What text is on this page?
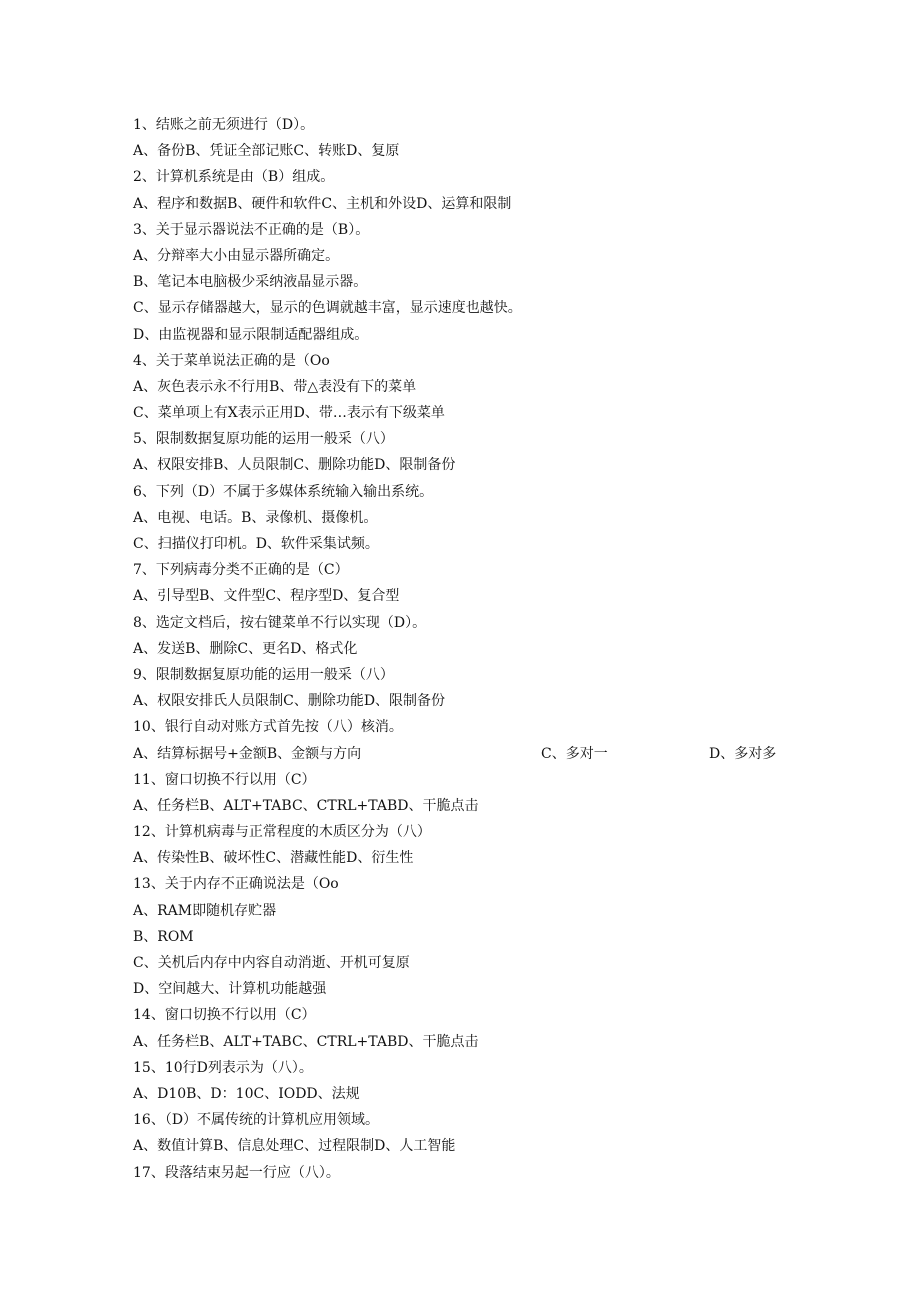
1、结账之前无须进行（D）。
A、备份B、凭证全部记账C、转账D、复原
2、计算机系统是由（B）组成。
A、程序和数据B、硬件和软件C、主机和外设D、运算和限制
3、关于显示器说法不正确的是（B）。
A、分辩率大小由显示器所确定。
B、笔记本电脑极少采纳液晶显示器。
C、显示存储器越大，显示的色调就越丰富，显示速度也越快。
D、由监视器和显示限制适配器组成。
4、关于菜单说法正确的是（Oo
A、灰色表示永不行用B、带△表没有下的菜单
C、菜单项上有X表示正用D、带…表示有下级菜单
5、限制数据复原功能的运用一般采（八）
A、权限安排B、人员限制C、删除功能D、限制备份
6、下列（D）不属于多媒体系统输入输出系统。
A、电视、电话。B、录像机、摄像机。
C、扫描仪打印机。D、软件采集试频。
7、下列病毒分类不正确的是（C）
A、引导型B、文件型C、程序型D、复合型
8、选定文档后，按右键菜单不行以实现（D）。
A、发送B、删除C、更名D、格式化
9、限制数据复原功能的运用一般采（八）
A、权限安排氏人员限制C、删除功能D、限制备份
10、银行自动对账方式首先按（八）核消。
A、结算标据号+金额B、金额与方向	C、多对一	D、多对多
11、窗口切换不行以用（C）
A、任务栏B、ALT+TABC、CTRL+TABD、干脆点击
12、计算机病毒与正常程度的木质区分为（八）
A、传染性B、破坏性C、潜藏性能D、衍生性
13、关于内存不正确说法是（Oo
A、RAM即随机存贮器
B、ROM
C、关机后内存中内容自动消逝、开机可复原
D、空间越大、计算机功能越强
14、窗口切换不行以用（C）
A、任务栏B、ALT+TABC、CTRL+TABD、干脆点击
15、10行D列表示为（八）。
A、D10B、D：10C、IODD、法规
16、（D）不属传统的计算机应用领域。
A、数值计算B、信息处理C、过程限制D、人工智能
17、段落结束另起一行应（八）。
